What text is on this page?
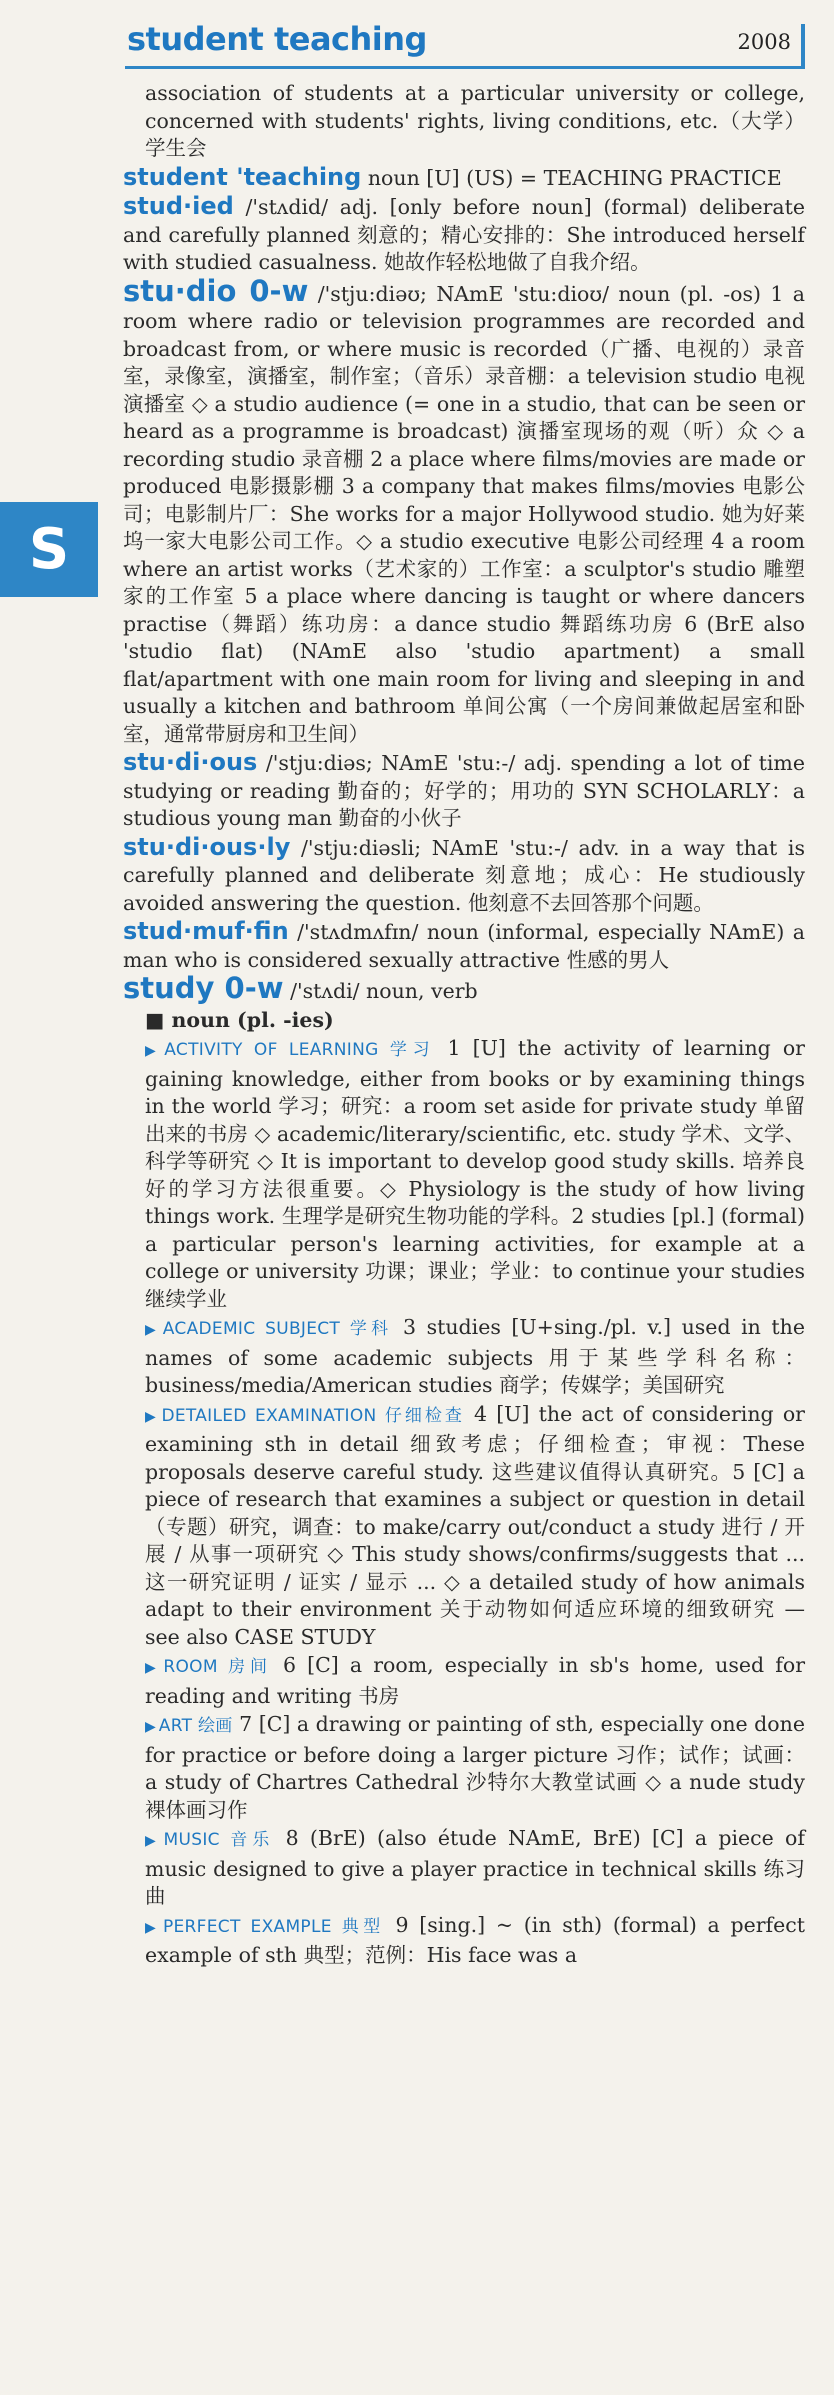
student teaching	2008
S

association of students at a particular university or college, concerned with students' rights, living conditions, etc.（大学）学生会

student 'teaching noun [U] (US) = TEACHING PRACTICE

stud·ied /'stʌdid/ adj. [only before noun] (formal) deliberate and carefully planned 刻意的；精心安排的：She introduced herself with studied casualness. 她故作轻松地做了自我介绍。

stu·dio 0-w /'stju:diəʊ; NAmE 'stu:dioʊ/ noun (pl. -os) 1 a room where radio or television programmes are recorded and broadcast from, or where music is recorded（广播、电视的）录音室，录像室，演播室，制作室；（音乐）录音棚：a television studio 电视演播室 ◇ a studio audience (= one in a studio, that can be seen or heard as a programme is broadcast) 演播室现场的观（听）众 ◇ a recording studio 录音棚 2 a place where films/movies are made or produced 电影摄影棚 3 a company that makes films/movies 电影公司；电影制片厂：She works for a major Hollywood studio. 她为好莱坞一家大电影公司工作。◇ a studio executive 电影公司经理 4 a room where an artist works（艺术家的）工作室：a sculptor's studio 雕塑家的工作室 5 a place where dancing is taught or where dancers practise（舞蹈）练功房：a dance studio 舞蹈练功房 6 (BrE also 'studio flat) (NAmE also 'studio apartment) a small flat/apartment with one main room for living and sleeping in and usually a kitchen and bathroom 单间公寓（一个房间兼做起居室和卧室，通常带厨房和卫生间）

stu·di·ous /'stju:diəs; NAmE 'stu:-/ adj. spending a lot of time studying or reading 勤奋的；好学的；用功的 SYN SCHOLARLY：a studious young man 勤奋的小伙子

stu·di·ous·ly /'stju:diəsli; NAmE 'stu:-/ adv. in a way that is carefully planned and deliberate 刻意地；成心：He studiously avoided answering the question. 他刻意不去回答那个问题。

stud·muf·fin /'stʌdmʌfɪn/ noun (informal, especially NAmE) a man who is considered sexually attractive 性感的男人

study 0-w /'stʌdi/ noun, verb

■ noun (pl. -ies)

▶ ACTIVITY OF LEARNING 学习 1 [U] the activity of learning or gaining knowledge, either from books or by examining things in the world 学习；研究：a room set aside for private study 单留出来的书房 ◇ academic/literary/scientific, etc. study 学术、文学、科学等研究 ◇ It is important to develop good study skills. 培养良好的学习方法很重要。◇ Physiology is the study of how living things work. 生理学是研究生物功能的学科。2 studies [pl.] (formal) a particular person's learning activities, for example at a college or university 功课；课业；学业：to continue your studies 继续学业

▶ ACADEMIC SUBJECT 学科 3 studies [U+sing./pl. v.] used in the names of some academic subjects 用于某些学科名称：business/media/American studies 商学；传媒学；美国研究

▶ DETAILED EXAMINATION 仔细检查 4 [U] the act of considering or examining sth in detail 细致考虑；仔细检查；审视：These proposals deserve careful study. 这些建议值得认真研究。5 [C] a piece of research that examines a subject or question in detail（专题）研究，调查：to make/carry out/conduct a study 进行 / 开展 / 从事一项研究 ◇ This study shows/confirms/suggests that ... 这一研究证明 / 证实 / 显示 ... ◇ a detailed study of how animals adapt to their environment 关于动物如何适应环境的细致研究 — see also CASE STUDY

▶ ROOM 房间 6 [C] a room, especially in sb's home, used for reading and writing 书房

▶ ART 绘画 7 [C] a drawing or painting of sth, especially one done for practice or before doing a larger picture 习作；试作；试画：a study of Chartres Cathedral 沙特尔大教堂试画 ◇ a nude study 裸体画习作

▶ MUSIC 音乐 8 (BrE) (also étude NAmE, BrE) [C] a piece of music designed to give a player practice in technical skills 练习曲

▶ PERFECT EXAMPLE 典型 9 [sing.] ~ (in sth) (formal) a perfect example of sth 典型；范例：His face was a
